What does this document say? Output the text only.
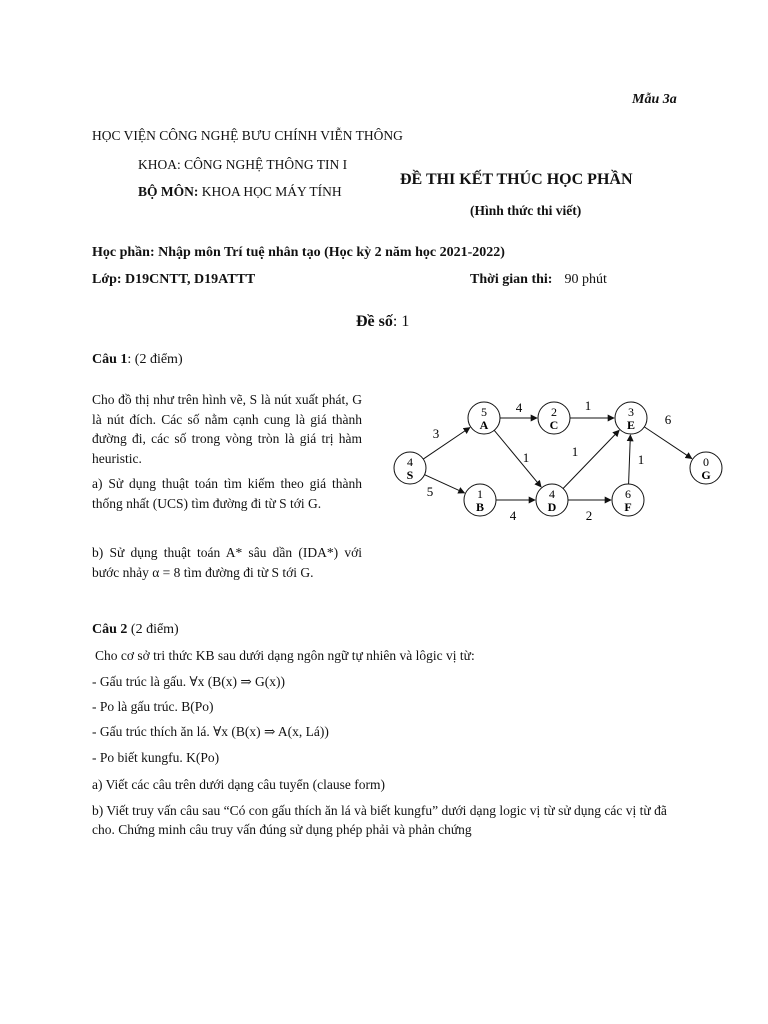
Mẫu 3a
HỌC VIỆN CÔNG NGHỆ BƯU CHÍNH VIỄN THÔNG
KHOA: CÔNG NGHỆ THÔNG TIN I
BỘ MÔN: KHOA HỌC MÁY TÍNH
ĐỀ THI KẾT THÚC HỌC PHẦN
(Hình thức thi viết)
Học phần: Nhập môn Trí tuệ nhân tạo (Học kỳ 2 năm học 2021-2022)
Lớp: D19CNTT, D19ATTT	Thời gian thi: 90 phút
Đề số: 1
Câu 1: (2 điểm)
Cho đồ thị như trên hình vẽ, S là nút xuất phát, G là nút đích. Các số nằm cạnh cung là giá thành đường đi, các số trong vòng tròn là giá trị hàm heuristic.
a) Sử dụng thuật toán tìm kiếm theo giá thành thống nhất (UCS) tìm đường đi từ S tới G.
b) Sử dụng thuật toán A* sâu dần (IDA*) với bước nhảy α = 8 tìm đường đi từ S tới G.
3
5
4
1
4
1
1
2
1
6
4
S
5
A
1
B
2
C
4
D
3
E
6
F
0
G
Câu 2 (2 điểm)
Cho cơ sở tri thức KB sau dưới dạng ngôn ngữ tự nhiên và lôgic vị từ:
- Gấu trúc là gấu. ∀x (B(x) ⇒ G(x))
- Po là gấu trúc. B(Po)
- Gấu trúc thích ăn lá. ∀x (B(x) ⇒ A(x, Lá))
- Po biết kungfu. K(Po)
a) Viết các câu trên dưới dạng câu tuyển (clause form)
b) Viết truy vấn câu sau “Có con gấu thích ăn lá và biết kungfu” dưới dạng logic vị từ sử dụng các vị từ đã cho. Chứng minh câu truy vấn đúng sử dụng phép phải và phản chứng
